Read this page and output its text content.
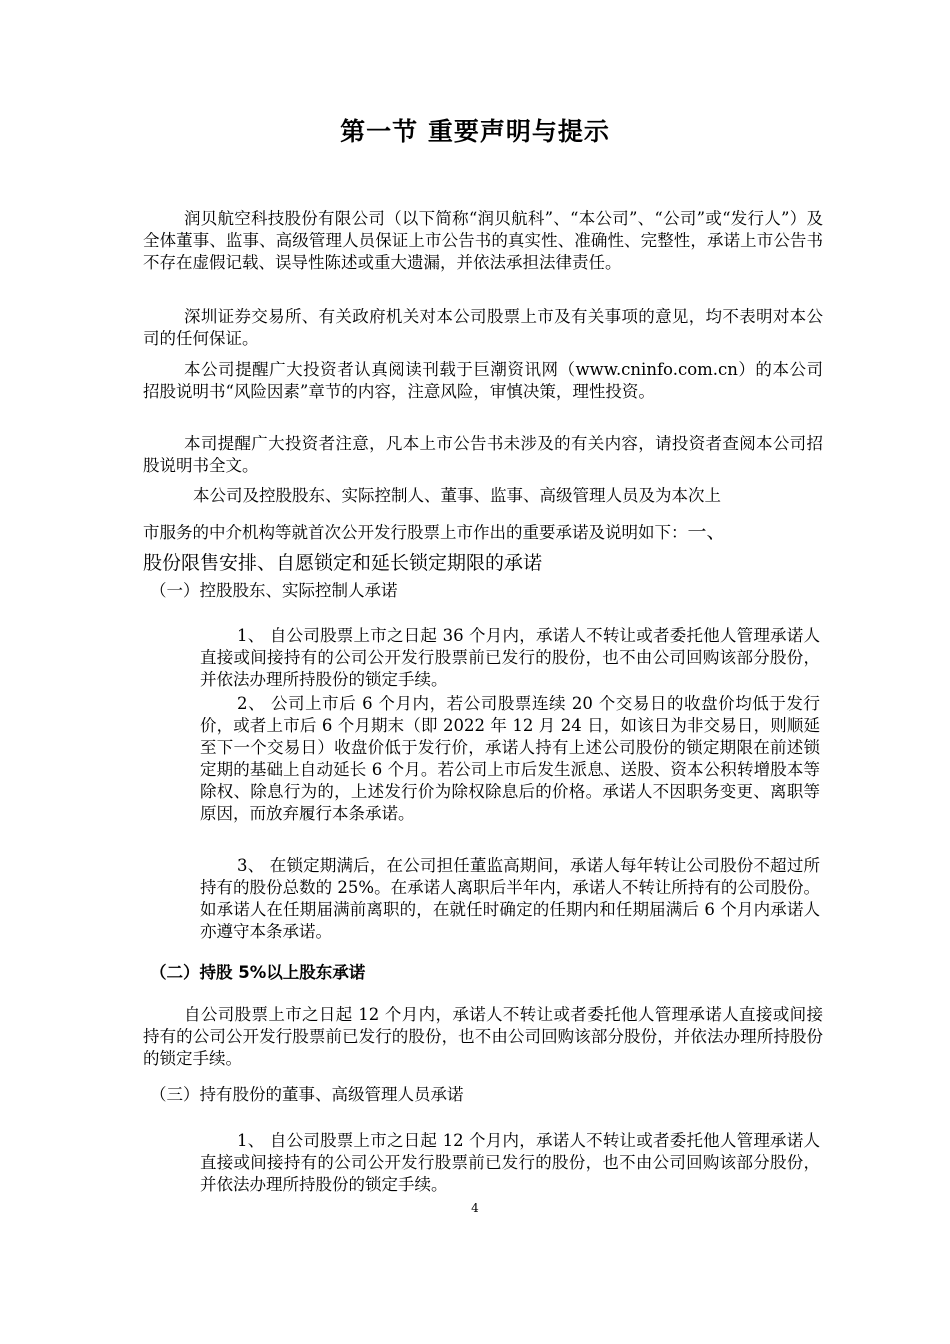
第一节 重要声明与提示
润贝航空科技股份有限公司（以下简称“润贝航科”、“本公司”、“公司”或“发行人”）及全体董事、监事、高级管理人员保证上市公告书的真实性、准确性、完整性，承诺上市公告书不存在虚假记载、误导性陈述或重大遗漏，并依法承担法律责任。
深圳证券交易所、有关政府机关对本公司股票上市及有关事项的意见，均不表明对本公司的任何保证。
本公司提醒广大投资者认真阅读刊载于巨潮资讯网（www.cninfo.com.cn）的本公司招股说明书“风险因素”章节的内容，注意风险，审慎决策，理性投资。
本司提醒广大投资者注意，凡本上市公告书未涉及的有关内容，请投资者查阅本公司招股说明书全文。
本公司及控股股东、实际控制人、董事、监事、高级管理人员及为本次上
市服务的中介机构等就首次公开发行股票上市作出的重要承诺及说明如下：一、
股份限售安排、自愿锁定和延长锁定期限的承诺
（一）控股股东、实际控制人承诺
1、 自公司股票上市之日起 36 个月内，承诺人不转让或者委托他人管理承诺人直接或间接持有的公司公开发行股票前已发行的股份，也不由公司回购该部分股份，并依法办理所持股份的锁定手续。
2、 公司上市后 6 个月内，若公司股票连续 20 个交易日的收盘价均低于发行价，或者上市后 6 个月期末（即 2022 年 12 月 24 日，如该日为非交易日，则顺延至下一个交易日）收盘价低于发行价，承诺人持有上述公司股份的锁定期限在前述锁定期的基础上自动延长 6 个月。若公司上市后发生派息、送股、资本公积转增股本等除权、除息行为的，上述发行价为除权除息后的价格。承诺人不因职务变更、离职等原因，而放弃履行本条承诺。
3、 在锁定期满后，在公司担任董监高期间，承诺人每年转让公司股份不超过所持有的股份总数的 25%。在承诺人离职后半年内，承诺人不转让所持有的公司股份。如承诺人在任期届满前离职的，在就任时确定的任期内和任期届满后 6 个月内承诺人亦遵守本条承诺。
（二）持股 5%以上股东承诺
自公司股票上市之日起 12 个月内，承诺人不转让或者委托他人管理承诺人直接或间接持有的公司公开发行股票前已发行的股份，也不由公司回购该部分股份，并依法办理所持股份的锁定手续。
（三）持有股份的董事、高级管理人员承诺
1、 自公司股票上市之日起 12 个月内，承诺人不转让或者委托他人管理承诺人直接或间接持有的公司公开发行股票前已发行的股份，也不由公司回购该部分股份，并依法办理所持股份的锁定手续。
4
